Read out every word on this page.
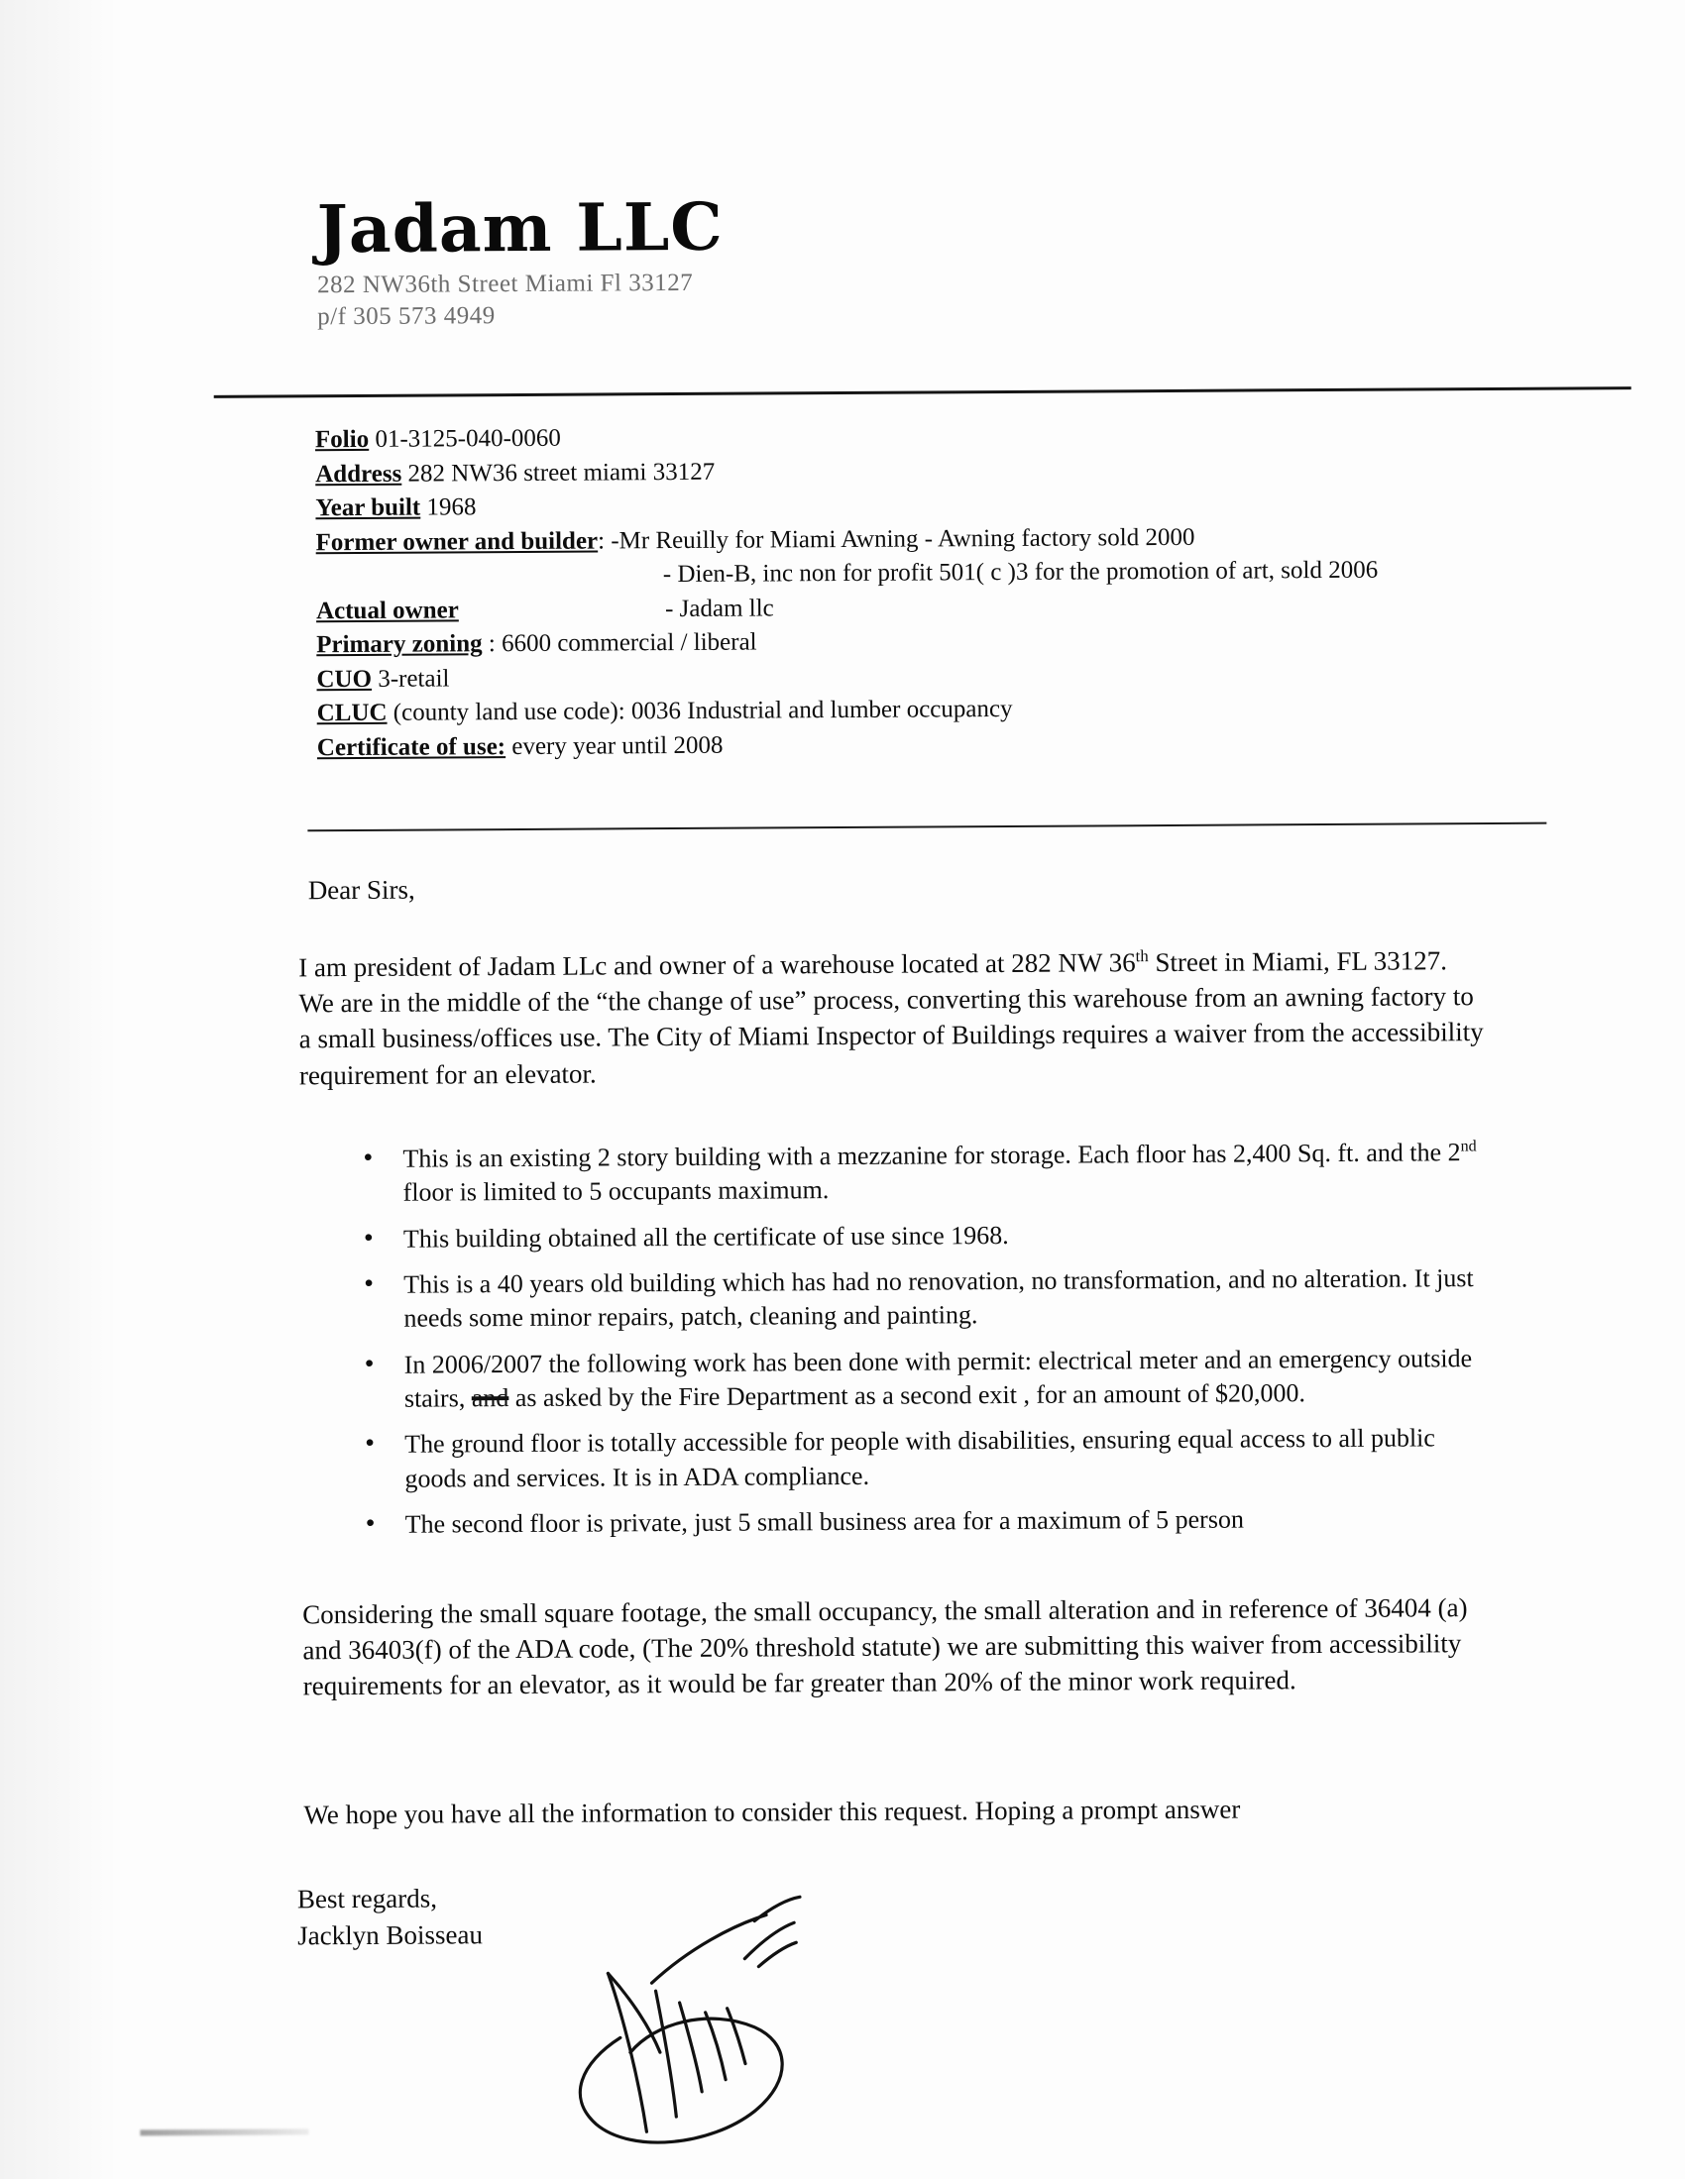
Jadam LLC
282 NW36th Street Miami Fl 33127
p/f 305 573 4949
Folio 01-3125-040-0060
Address 282 NW36 street miami 33127
Year built 1968
Former owner and builder: -Mr Reuilly for Miami Awning - Awning factory sold 2000
- Dien-B, inc non for profit 501( c )3 for the promotion of art, sold 2006
Actual owner	- Jadam llc
Primary zoning : 6600 commercial / liberal
CUO 3-retail
CLUC (county land use code): 0036 Industrial and lumber occupancy
Certificate of use: every year until 2008
Dear Sirs,
I am president of Jadam LLc and owner of a warehouse located at 282 NW 36th Street in Miami, FL 33127. We are in the middle of the “the change of use” process, converting this warehouse from an awning factory to a small business/offices use. The City of Miami Inspector of Buildings requires a waiver from the accessibility requirement for an elevator.
• This is an existing 2 story building with a mezzanine for storage. Each floor has 2,400 Sq. ft. and the 2nd floor is limited to 5 occupants maximum.
• This building obtained all the certificate of use since 1968.
• This is a 40 years old building which has had no renovation, no transformation, and no alteration. It just needs some minor repairs, patch, cleaning and painting.
• In 2006/2007 the following work has been done with permit: electrical meter and an emergency outside stairs, and as asked by the Fire Department as a second exit , for an amount of $20,000.
• The ground floor is totally accessible for people with disabilities, ensuring equal access to all public goods and services. It is in ADA compliance.
• The second floor is private, just 5 small business area for a maximum of 5 person
Considering the small square footage, the small occupancy, the small alteration and in reference of 36404 (a) and 36403(f) of the ADA code, (The 20% threshold statute) we are submitting this waiver from accessibility requirements for an elevator, as it would be far greater than 20% of the minor work required.
We hope you have all the information to consider this request. Hoping a prompt answer
Best regards,
Jacklyn Boisseau
